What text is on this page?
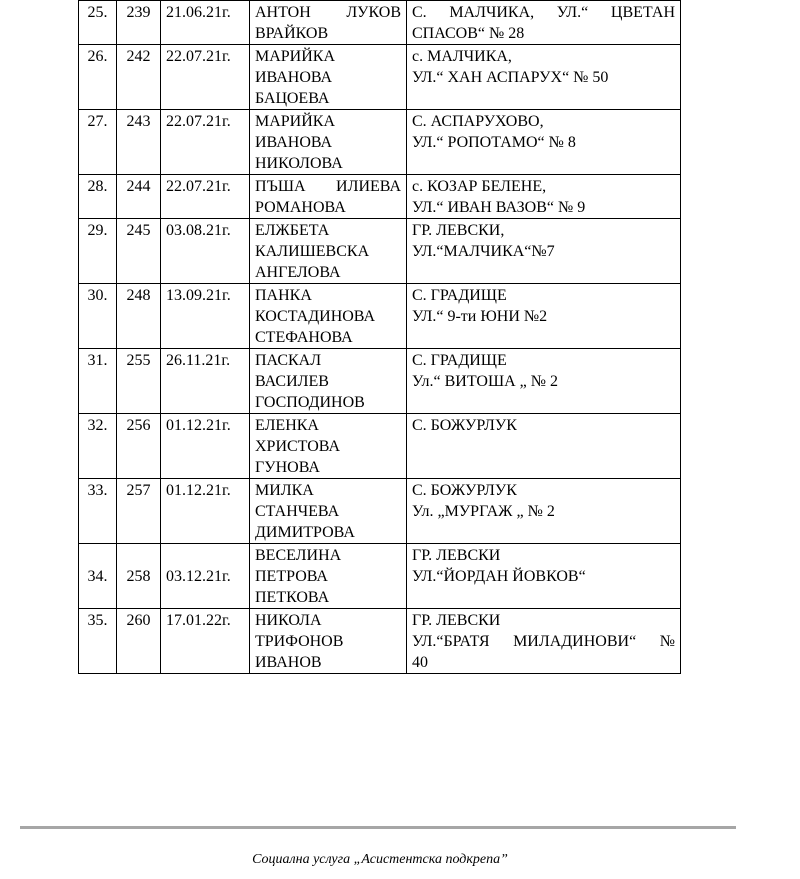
25.	239	21.06.21г.	АНТОН ЛУКОВ
ВРАЙКОВ	С. МАЛЧИКА, УЛ.“ ЦВЕТАН
СПАСОВ“ № 28

26.	242	22.07.21г.	МАРИЙКА
ИВАНОВА
БАЦОЕВА	с. МАЛЧИКА,
УЛ.“ ХАН АСПАРУХ“ № 50

27.	243	22.07.21г.	МАРИЙКА
ИВАНОВА
НИКОЛОВА	С. АСПАРУХОВО,
УЛ.“ РОПОТАМО“ № 8

28.	244	22.07.21г.	ПЪША ИЛИЕВА
РОМАНОВА	с. КОЗАР БЕЛЕНЕ,
УЛ.“ ИВАН ВАЗОВ“ № 9

29.	245	03.08.21г.	ЕЛЖБЕТА
КАЛИШЕВСКА
АНГЕЛОВА	ГР. ЛЕВСКИ,
УЛ.“МАЛЧИКА“№7

30.	248	13.09.21г.	ПАНКА
КОСТАДИНОВА
СТЕФАНОВА	С. ГРАДИЩЕ
УЛ.“ 9-ти ЮНИ №2

31.	255	26.11.21г.	ПАСКАЛ
ВАСИЛЕВ
ГОСПОДИНОВ	С. ГРАДИЩЕ
Ул.“ ВИТОША „ № 2

32.	256	01.12.21г.	ЕЛЕНКА
ХРИСТОВА
ГУНОВА	С. БОЖУРЛУК

33.	257	01.12.21г.	МИЛКА
СТАНЧЕВА
ДИМИТРОВА	С. БОЖУРЛУК
Ул. „МУРГАЖ „ № 2

34.	258	03.12.21г.	ВЕСЕЛИНА
ПЕТРОВА
ПЕТКОВА	ГР. ЛЕВСКИ
УЛ.“ЙОРДАН ЙОВКОВ“

35.	260	17.01.22г.	НИКОЛА
ТРИФОНОВ
ИВАНОВ	ГР. ЛЕВСКИ
УЛ.“БРАТЯ МИЛАДИНОВИ“ №
40
Социална услуга „Асистентска подкрепа”
